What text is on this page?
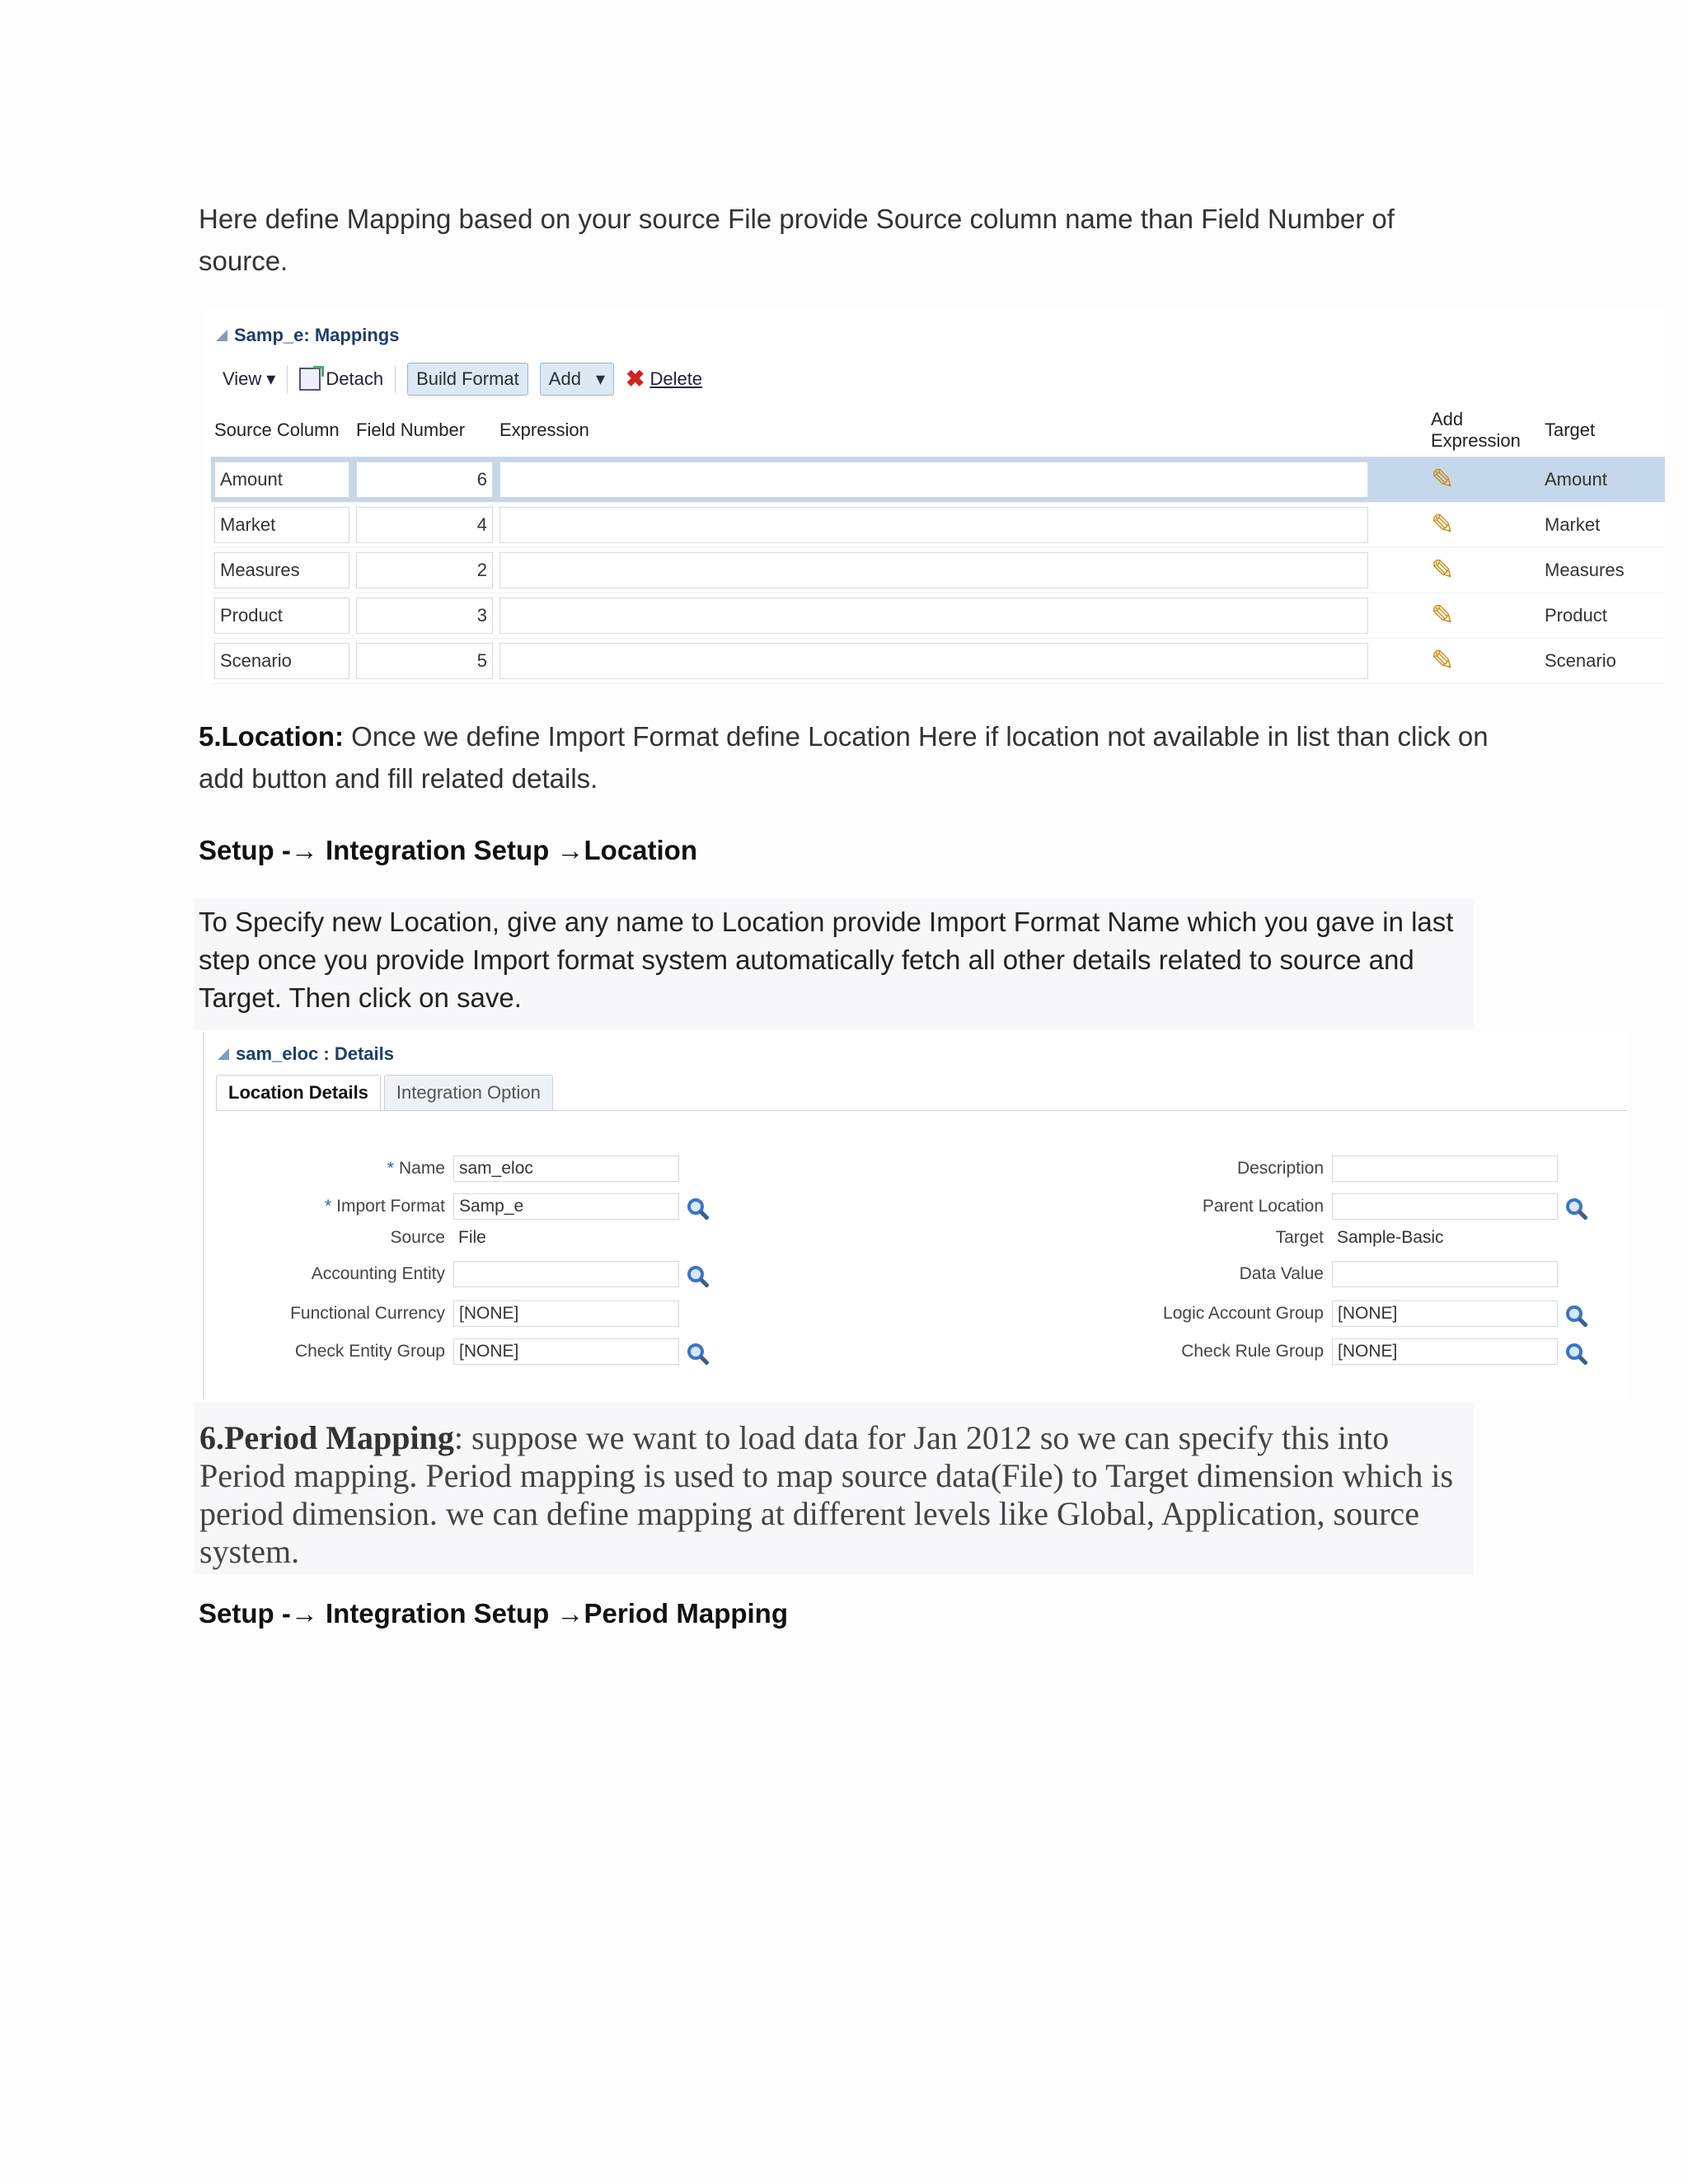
Here define Mapping based on your source File provide Source column name than Field Number of source.

Samp_e: Mappings
View ▾	Detach	Build Format	Add ▾ ✖ Delete
Source Column	Field Number	Expression	Add Expression	Target

Amount	6		✎	Amount

Market	4		✎	Market

Measures	2		✎	Measures

Product	3		✎	Product

Scenario	5		✎	Scenario

5.Location: Once we define Import Format define Location Here if location not available in list than click on add button and fill related details.

Setup -→ Integration Setup →Location

To Specify new Location, give any name to Location provide Import Format Name which you gave in last step once you provide Import format system automatically fetch all other details related to source and Target. Then click on save.

sam_eloc : Details
Location Details	Integration Option
* Name sam_eloc
* Import Format Samp_e
Source File
Accounting Entity
Functional Currency [NONE]
Check Entity Group [NONE]
Description
Parent Location
Target Sample-Basic
Data Value
Logic Account Group [NONE]
Check Rule Group [NONE]

6.Period Mapping: suppose we want to load data for Jan 2012 so we can specify this into Period mapping. Period mapping is used to map source data(File) to Target dimension which is period dimension. we can define mapping at different levels like Global, Application, source system.

Setup -→ Integration Setup →Period Mapping
